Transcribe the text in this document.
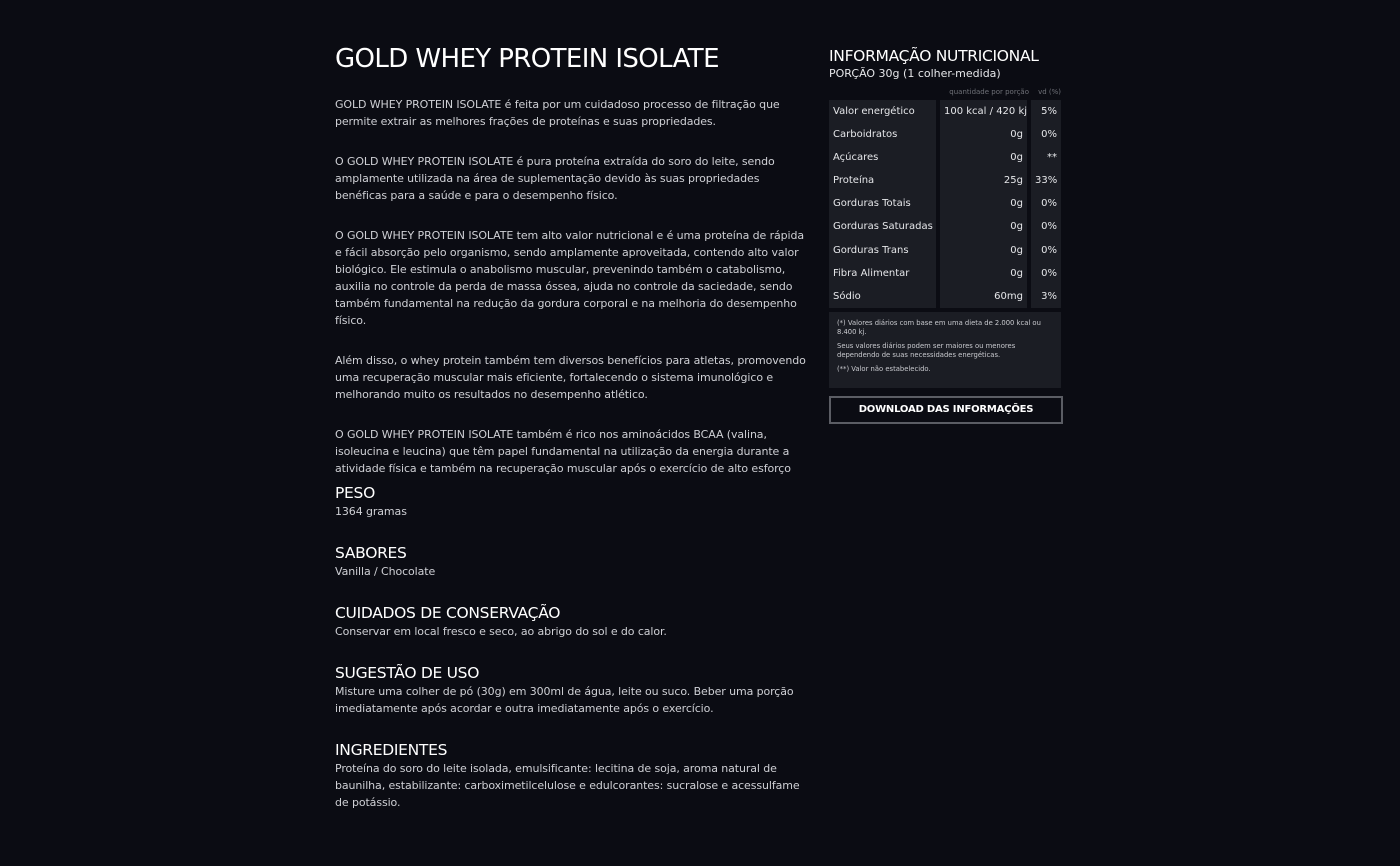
GOLD WHEY PROTEIN ISOLATE

GOLD WHEY PROTEIN ISOLATE é feita por um cuidadoso processo de filtração que permite extrair as melhores frações de proteínas e suas propriedades.

O GOLD WHEY PROTEIN ISOLATE é pura proteína extraída do soro do leite, sendo amplamente utilizada na área de suplementação devido às suas propriedades benéficas para a saúde e para o desempenho físico.

O GOLD WHEY PROTEIN ISOLATE tem alto valor nutricional e é uma proteína de rápida e fácil absorção pelo organismo, sendo amplamente aproveitada, contendo alto valor biológico. Ele estimula o anabolismo muscular, prevenindo também o catabolismo, auxilia no controle da perda de massa óssea, ajuda no controle da saciedade, sendo também fundamental na redução da gordura corporal e na melhoria do desempenho físico.

Além disso, o whey protein também tem diversos benefícios para atletas, promovendo uma recuperação muscular mais eficiente, fortalecendo o sistema imunológico e melhorando muito os resultados no desempenho atlético.

O GOLD WHEY PROTEIN ISOLATE também é rico nos aminoácidos BCAA (valina, isoleucina e leucina) que têm papel fundamental na utilização da energia durante a atividade física e também na recuperação muscular após o exercício de alto esforço

PESO

1364 gramas

SABORES

Vanilla / Chocolate

CUIDADOS DE CONSERVAÇÃO

Conservar em local fresco e seco, ao abrigo do sol e do calor.

SUGESTÃO DE USO

Misture uma colher de pó (30g) em 300ml de água, leite ou suco. Beber uma porção imediatamente após acordar e outra imediatamente após o exercício.

INGREDIENTES

Proteína do soro do leite isolada, emulsificante: lecitina de soja, aroma natural de baunilha, estabilizante: carboximetilcelulose e edulcorantes: sucralose e acessulfame de potássio.

INFORMAÇÃO NUTRICIONAL
PORÇÃO 30g (1 colher-medida)
quantidade por porção vd (%)
Valor energético
Carboidratos
Açúcares
Proteína
Gorduras Totais
Gorduras Saturadas
Gorduras Trans
Fibra Alimentar
Sódio
100 kcal / 420 kj
0g
0g
25g
0g
0g
0g
0g
60mg
5%
0%
**
33%
0%
0%
0%
0%
3%

(*) Valores diários com base em uma dieta de 2.000 kcal ou 8.400 kj.

Seus valores diários podem ser maiores ou menores dependendo de suas necessidades energéticas.

(**) Valor não estabelecido.

DOWNLOAD DAS INFORMAÇÕES
